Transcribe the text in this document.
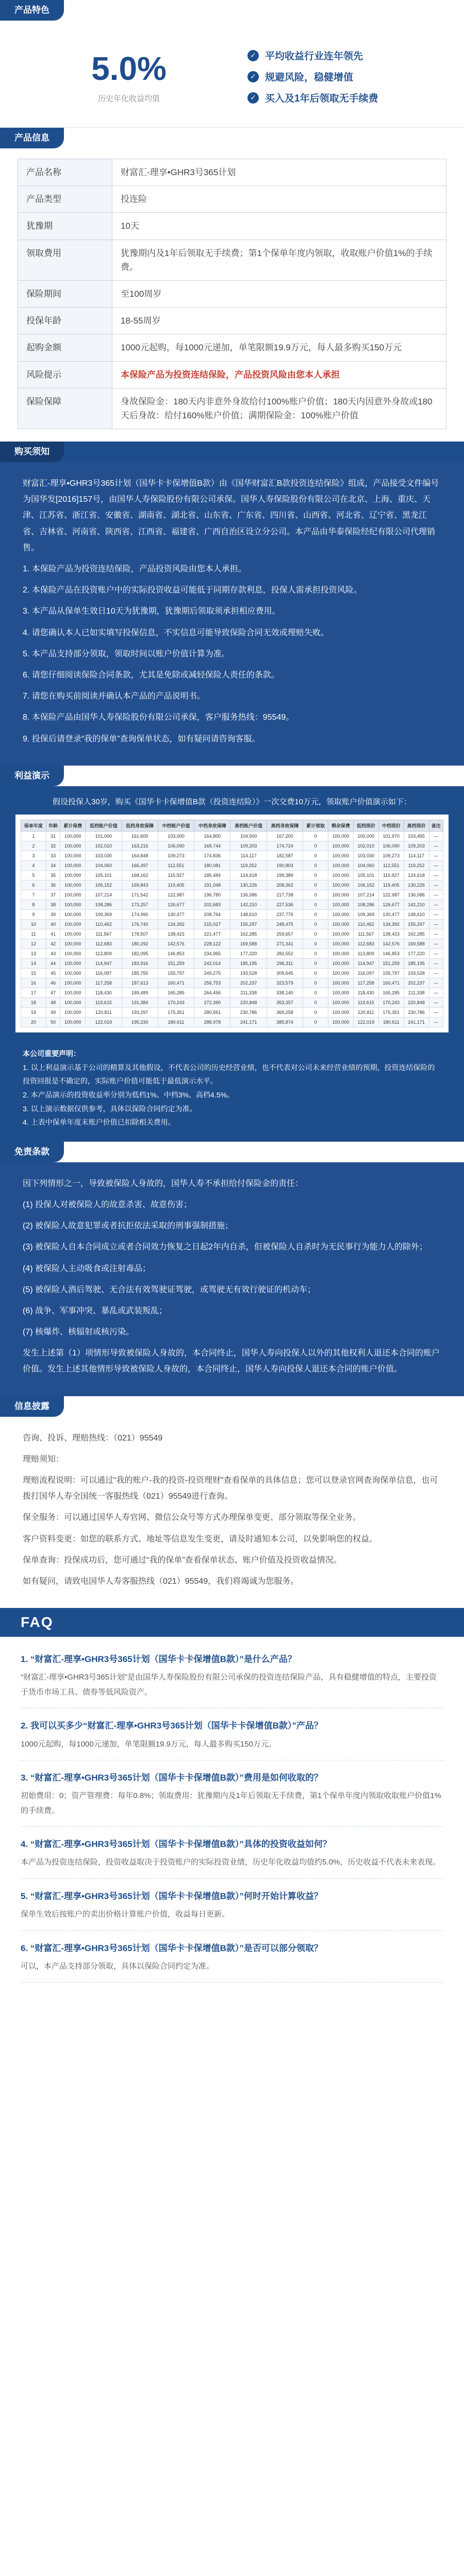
产品特色
5.0%
历史年化收益均值
✓ 平均收益行业连年领先
✓ 规避风险，稳健增值
✓ 买入及1年后领取无手续费
产品信息
产品名称	财富汇-理享•GHR3号365计划
产品类型	投连险
犹豫期	10天
领取费用	犹豫期内及1年后领取无手续费；第1个保单年度内领取，收取账户价值1%的手续费。
保险期间	至100周岁
投保年龄	18-55周岁
起购金额	1000元起购，每1000元递加，单笔限额19.9万元，每人最多购买150万元
风险提示	本保险产品为投资连结保险，产品投资风险由您本人承担
保险保障	身故保险金：180天内非意外身故给付100%账户价值；180天内因意外身故或180天后身故：给付160%账户价值；满期保险金：100%账户价值
购买须知

财富汇-理享•GHR3号365计划（国华卡卡保增值B款）由《国华财富汇B款投资连结保险》组成，产品接受文件编号为国华发[2016]157号，由国华人寿保险股份有限公司承保。国华人寿保险股份有限公司在北京、上海、重庆、天津、江苏省、浙江省、安徽省、湖南省、湖北省、山东省、广东省、四川省、山西省、河北省、辽宁省、黑龙江省、吉林省、河南省、陕西省、江西省、福建省、广西自治区设立分公司。本产品由华泰保险经纪有限公司代理销售。

1. 本保险产品为投资连结保险，产品投资风险由您本人承担。

2. 本保险产品在投资账户中的实际投资收益可能低于同期存款利息，投保人需承担投资风险。

3. 本产品从保单生效日10天为犹豫期，犹豫期后领取须承担相应费用。

4. 请您确认本人已如实填写投保信息，不实信息可能导致保险合同无效或理赔失败。

5. 本产品支持部分领取，领取时间以账户价值计算为准。

6. 请您仔细阅读保险合同条款，尤其是免除或减轻保险人责任的条款。

7. 请您在购买前阅读并确认本产品的产品说明书。

8. 本保险产品由国华人寿保险股份有限公司承保，客户服务热线：95549。

9. 投保后请登录“我的保单”查询保单状态，如有疑问请咨询客服。

利益演示
假设投保人30岁，购买《国华卡卡保增值B款（投资连结险）》一次交费10万元，领取账户价值演示如下：
保单年度	年龄	累计保费	低档账户价值	低档身故保障	中档账户价值	中档身故保障	高档账户价值	高档身故保障	累计领取	剩余保费	低档现价	中档现价	高档现价	备注
1	31	100,000	101,000	161,600	103,000	164,800	104,500	167,200	0	100,000	100,000	101,970	103,455	—
2	32	100,000	102,010	163,216	106,090	169,744	109,203	174,724	0	100,000	102,010	106,090	109,203	—
3	33	100,000	103,030	164,848	109,273	174,836	114,117	182,587	0	100,000	103,030	109,273	114,117	—
4	34	100,000	104,060	166,497	112,551	180,081	119,252	190,803	0	100,000	104,060	112,551	119,252	—
5	35	100,000	105,101	168,162	115,927	185,484	124,618	199,389	0	100,000	105,101	115,927	124,618	—
6	36	100,000	106,152	169,843	119,405	191,048	130,226	208,362	0	100,000	106,152	119,405	130,226	—
7	37	100,000	107,214	171,542	122,987	196,780	136,086	217,738	0	100,000	107,214	122,987	136,086	—
8	38	100,000	108,286	173,257	126,677	202,683	142,210	227,536	0	100,000	108,286	126,677	142,210	—
9	39	100,000	109,369	174,990	130,477	208,764	148,610	237,776	0	100,000	109,369	130,477	148,610	—
10	40	100,000	110,462	176,740	134,392	215,027	155,297	248,475	0	100,000	110,462	134,392	155,297	—
11	41	100,000	111,567	178,507	138,423	221,477	162,285	259,657	0	100,000	111,567	138,423	162,285	—
12	42	100,000	112,683	180,292	142,576	228,122	169,588	271,341	0	100,000	112,683	142,576	169,588	—
13	43	100,000	113,809	182,095	146,853	234,965	177,220	283,552	0	100,000	113,809	146,853	177,220	—
14	44	100,000	114,947	183,916	151,259	242,014	185,195	296,311	0	100,000	114,947	151,259	185,195	—
15	45	100,000	116,097	185,755	155,797	249,275	193,528	309,645	0	100,000	116,097	155,797	193,528	—
16	46	100,000	117,258	187,613	160,471	256,753	202,237	323,579	0	100,000	117,258	160,471	202,237	—
17	47	100,000	118,430	189,489	165,285	264,456	211,338	338,140	0	100,000	118,430	165,285	211,338	—
18	48	100,000	119,615	191,384	170,243	272,390	220,848	353,357	0	100,000	119,615	170,243	220,848	—
19	49	100,000	120,811	193,297	175,351	280,561	230,786	369,258	0	100,000	120,811	175,351	230,786	—
20	50	100,000	122,019	195,230	180,611	288,978	241,171	385,874	0	100,000	122,019	180,611	241,171	—
本公司重要声明：
1. 以上利益演示基于公司的精算及其他假设，不代表公司的历史经营业绩，也不代表对公司未来经营业绩的预期，投资连结保险的投资回报是不确定的，实际账户价值可能低于最低演示水平。
2. 本产品演示的投资收益率分别为低档1%、中档3%、高档4.5%。
3. 以上演示数据仅供参考，具体以保险合同约定为准。
4. 上表中保单年度末账户价值已扣除相关费用。
免责条款

因下列情形之一，导致被保险人身故的，国华人寿不承担给付保险金的责任：

(1) 投保人对被保险人的故意杀害、故意伤害；

(2) 被保险人故意犯罪或者抗拒依法采取的刑事强制措施；

(3) 被保险人自本合同成立或者合同效力恢复之日起2年内自杀，但被保险人自杀时为无民事行为能力人的除外；

(4) 被保险人主动吸食或注射毒品；

(5) 被保险人酒后驾驶、无合法有效驾驶证驾驶，或驾驶无有效行驶证的机动车；

(6) 战争、军事冲突、暴乱或武装叛乱；

(7) 核爆炸、核辐射或核污染。

发生上述第（1）项情形导致被保险人身故的，本合同终止，国华人寿向投保人以外的其他权利人退还本合同的账户价值。发生上述其他情形导致被保险人身故的，本合同终止，国华人寿向投保人退还本合同的账户价值。

信息披露

咨询、投诉、理赔热线：（021）95549

理赔须知：

理赔流程说明：可以通过“我的账户-我的投资-投资理财”查看保单的具体信息；您可以登录官网查询保单信息，也可拨打国华人寿全国统一客服热线（021）95549进行查询。

保全服务：可以通过国华人寿官网、微信公众号等方式办理保单变更、部分领取等保全业务。

客户资料变更：如您的联系方式、地址等信息发生变更，请及时通知本公司，以免影响您的权益。

保单查询：投保成功后，您可通过“我的保单”查看保单状态、账户价值及投资收益情况。

如有疑问，请致电国华人寿客服热线（021）95549，我们将竭诚为您服务。

FAQ
1. “财富汇-理享•GHR3号365计划（国华卡卡保增值B款）”是什么产品？
“财富汇-理享•GHR3号365计划”是由国华人寿保险股份有限公司承保的投资连结保险产品，具有稳健增值的特点，主要投资于货币市场工具、债券等低风险资产。
2. 我可以买多少“财富汇-理享•GHR3号365计划（国华卡卡保增值B款）”产品？
1000元起购，每1000元递加，单笔限额19.9万元，每人最多购买150万元。
3. “财富汇-理享•GHR3号365计划（国华卡卡保增值B款）”费用是如何收取的？
初始费用：0；资产管理费：每年0.8%；领取费用：犹豫期内及1年后领取无手续费，第1个保单年度内领取收取账户价值1%的手续费。
4. “财富汇-理享•GHR3号365计划（国华卡卡保增值B款）”具体的投资收益如何？
本产品为投资连结保险，投资收益取决于投资账户的实际投资业绩，历史年化收益均值约5.0%，历史收益不代表未来表现。
5. “财富汇-理享•GHR3号365计划（国华卡卡保增值B款）”何时开始计算收益？
保单生效后按账户的卖出价格计算账户价值，收益每日更新。
6. “财富汇-理享•GHR3号365计划（国华卡卡保增值B款）”是否可以部分领取？
可以，本产品支持部分领取，具体以保险合同约定为准。
